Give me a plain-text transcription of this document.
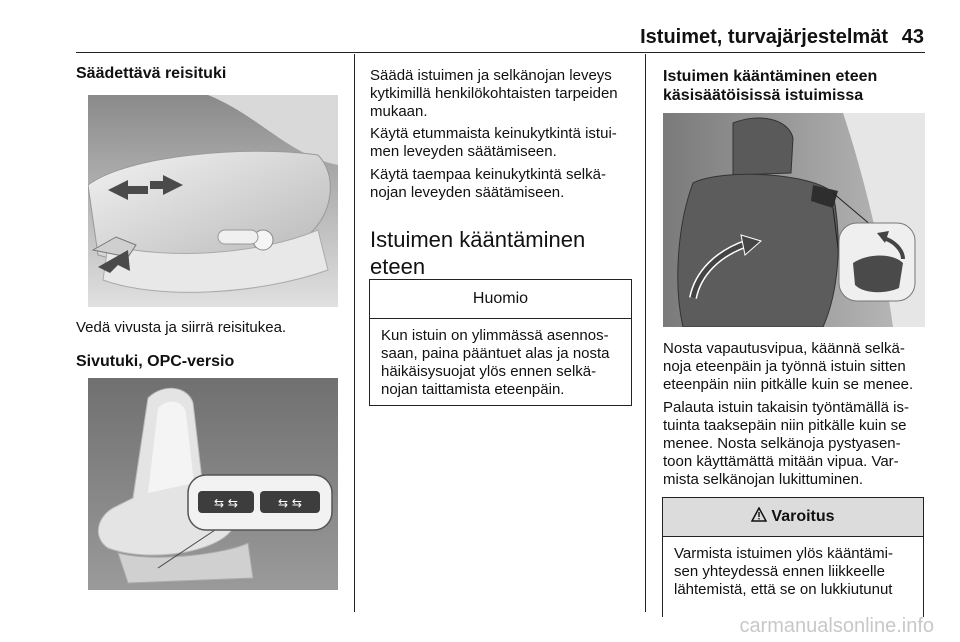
Istuimet, turvajärjestelmät 43
Säädettävä reisituki
Vedä vivusta ja siirrä reisitukea.
Sivutuki, OPC-versio
⇆ ⇆	⇆ ⇆
Säädä istuimen ja selkänojan leveys
kytkimillä henkilökohtaisten tarpeiden
mukaan.
Käytä etummaista keinukytkintä istui-
men leveyden säätämiseen.
Käytä taempaa keinukytkintä selkä-
nojan leveyden säätämiseen.
Istuimen kääntäminen
eteen
Huomio
Kun istuin on ylimmässä asennos-
saan, paina pääntuet alas ja nosta
häikäisysuojat ylös ennen selkä-
nojan taittamista eteenpäin.
Istuimen kääntäminen eteen
käsisäätöisissä istuimissa
Nosta vapautusvipua, käännä selkä-
noja eteenpäin ja työnnä istuin sitten
eteenpäin niin pitkälle kuin se menee.
Palauta istuin takaisin työntämällä is-
tuinta taaksepäin niin pitkälle kuin se
menee. Nosta selkänoja pystyasen-
toon käyttämättä mitään vipua. Var-
mista selkänojan lukittuminen.
Varoitus
Varmista istuimen ylös kääntämi-
sen yhteydessä ennen liikkeelle
lähtemistä, että se on lukkiutunut
carmanualsonline.info
